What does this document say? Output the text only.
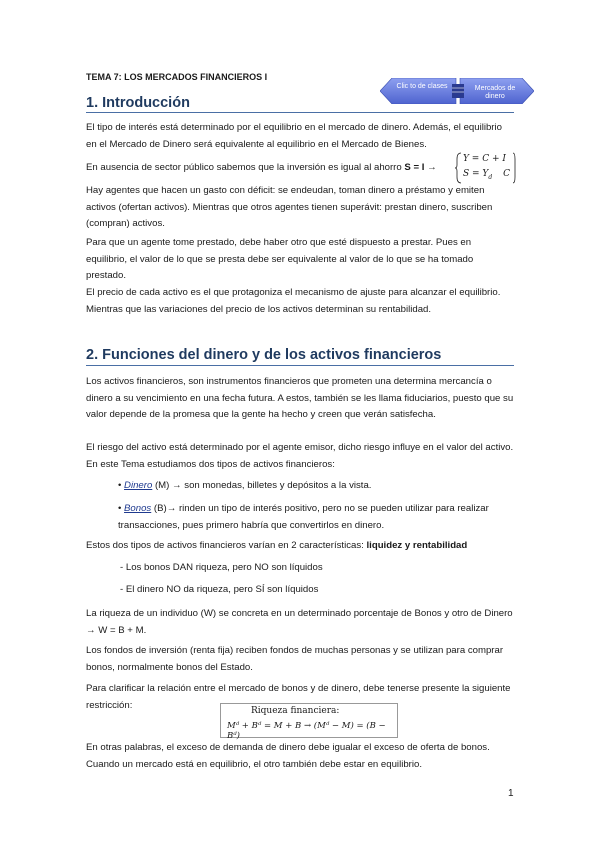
TEMA 7: LOS MERCADOS FINANCIEROS I
Clic to de clases	Mercados de dinero
1. Introducción

El tipo de interés está determinado por el equilibrio en el mercado de dinero. Además, el equilibrio en el Mercado de Dinero será equivalente al equilibrio en el Mercado de Bienes.

En ausencia de sector público sabemos que la inversión es igual al ahorro S = I →

Y = C + I
$S = Y_d$ C

Hay agentes que hacen un gasto con déficit: se endeudan, toman dinero a préstamo y emiten activos (ofertan activos). Mientras que otros agentes tienen superávit: prestan dinero, suscriben (compran) activos.

Para que un agente tome prestado, debe haber otro que esté dispuesto a prestar. Pues en equilibrio, el valor de lo que se presta debe ser equivalente al valor de lo que se ha tomado prestado.

El precio de cada activo es el que protagoniza el mecanismo de ajuste para alcanzar el equilibrio. Mientras que las variaciones del precio de los activos determinan su rentabilidad.

2. Funciones del dinero y de los activos financieros

Los activos financieros, son instrumentos financieros que prometen una determina mercancía o dinero a su vencimiento en una fecha futura. A estos, también se les llama fiduciarios, puesto que su valor depende de la promesa que la gente ha hecho y creen que verán satisfecha.

El riesgo del activo está determinado por el agente emisor, dicho riesgo influye en el valor del activo. En este Tema estudiamos dos tipos de activos financieros:

• Dinero (M) → son monedas, billetes y depósitos a la vista.
• Bonos (B)→ rinden un tipo de interés positivo, pero no se pueden utilizar para realizar transacciones, pues primero habría que convertirlos en dinero.

Estos dos tipos de activos financieros varían en 2 características: liquidez y rentabilidad

- Los bonos DAN riqueza, pero NO son líquidos
- El dinero NO da riqueza, pero SÍ son líquidos

La riqueza de un individuo (W) se concreta en un determinado porcentaje de Bonos y otro de Dinero → W = B + M.

Los fondos de inversión (renta fija) reciben fondos de muchas personas y se utilizan para comprar bonos, normalmente bonos del Estado.

Para clarificar la relación entre el mercado de bonos y de dinero, debe tenerse presente la siguiente restricción:

Riqueza financiera:
Mᵈ + Bᵈ = M + B → (Mᵈ − M) = (B − Bᵈ)

En otras palabras, el exceso de demanda de dinero debe igualar el exceso de oferta de bonos. Cuando un mercado está en equilibrio, el otro también debe estar en equilibrio.

1
